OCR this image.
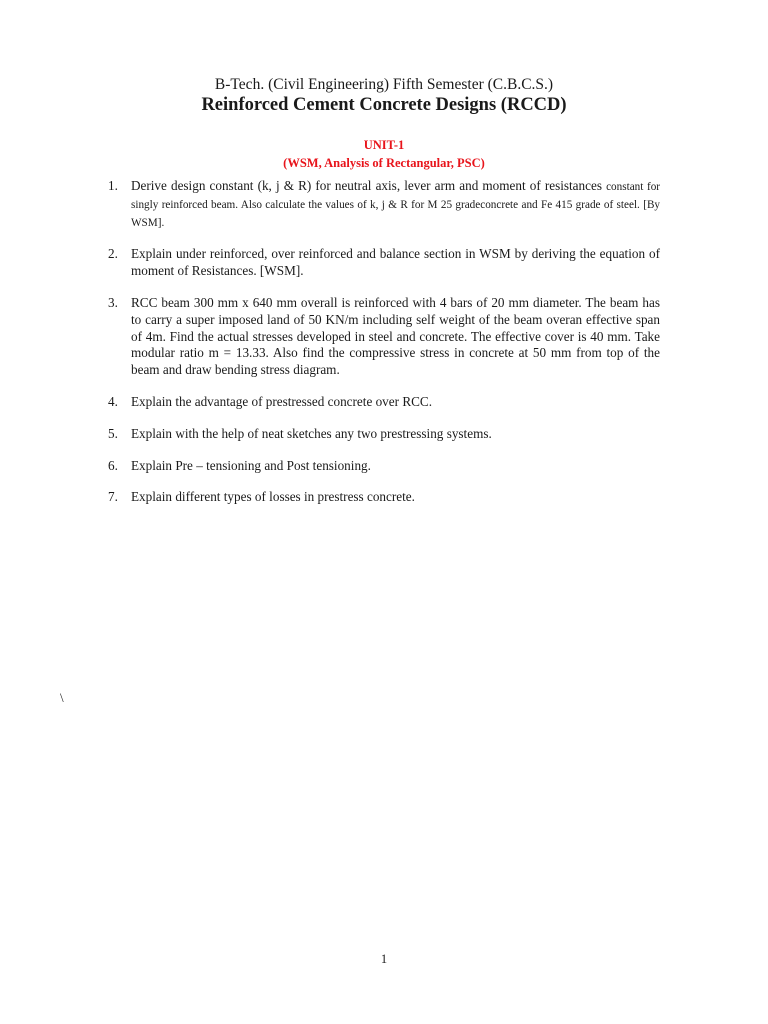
B-Tech. (Civil Engineering) Fifth Semester (C.B.C.S.)
Reinforced Cement Concrete Designs (RCCD)
UNIT-1
(WSM, Analysis of Rectangular, PSC)
1. Derive design constant (k, j & R) for neutral axis, lever arm and moment of resistances constant for singly reinforced beam. Also calculate the values of k, j & R for M 25 gradeconcrete and Fe 415 grade of steel. [By WSM].
2. Explain under reinforced, over reinforced and balance section in WSM by deriving the equation of moment of Resistances. [WSM].
3. RCC beam 300 mm x 640 mm overall is reinforced with 4 bars of 20 mm diameter. The beam has to carry a super imposed land of 50 KN/m including self weight of the beam overan effective span of 4m. Find the actual stresses developed in steel and concrete. The effective cover is 40 mm. Take modular ratio m = 13.33. Also find the compressive stress in concrete at 50 mm from top of the beam and draw bending stress diagram.
4. Explain the advantage of prestressed concrete over RCC.
5. Explain with the help of neat sketches any two prestressing systems.
6. Explain Pre – tensioning and Post tensioning.
7. Explain different types of losses in prestress concrete.
\
1
